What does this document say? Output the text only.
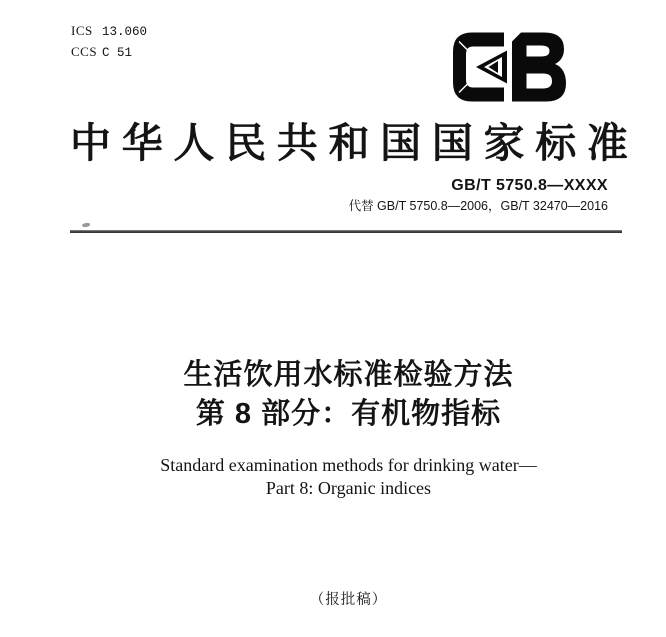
ICS 13.060
CCS C 51
中 华 人 民 共 和 国 国 家 标 准
GB/T 5750.8—XXXX
代替 GB/T 5750.8—2006，GB/T 32470—2016
生活饮用水标准检验方法
第 8 部分：有机物指标
Standard examination methods for drinking water—
Part 8: Organic indices
（报批稿）
